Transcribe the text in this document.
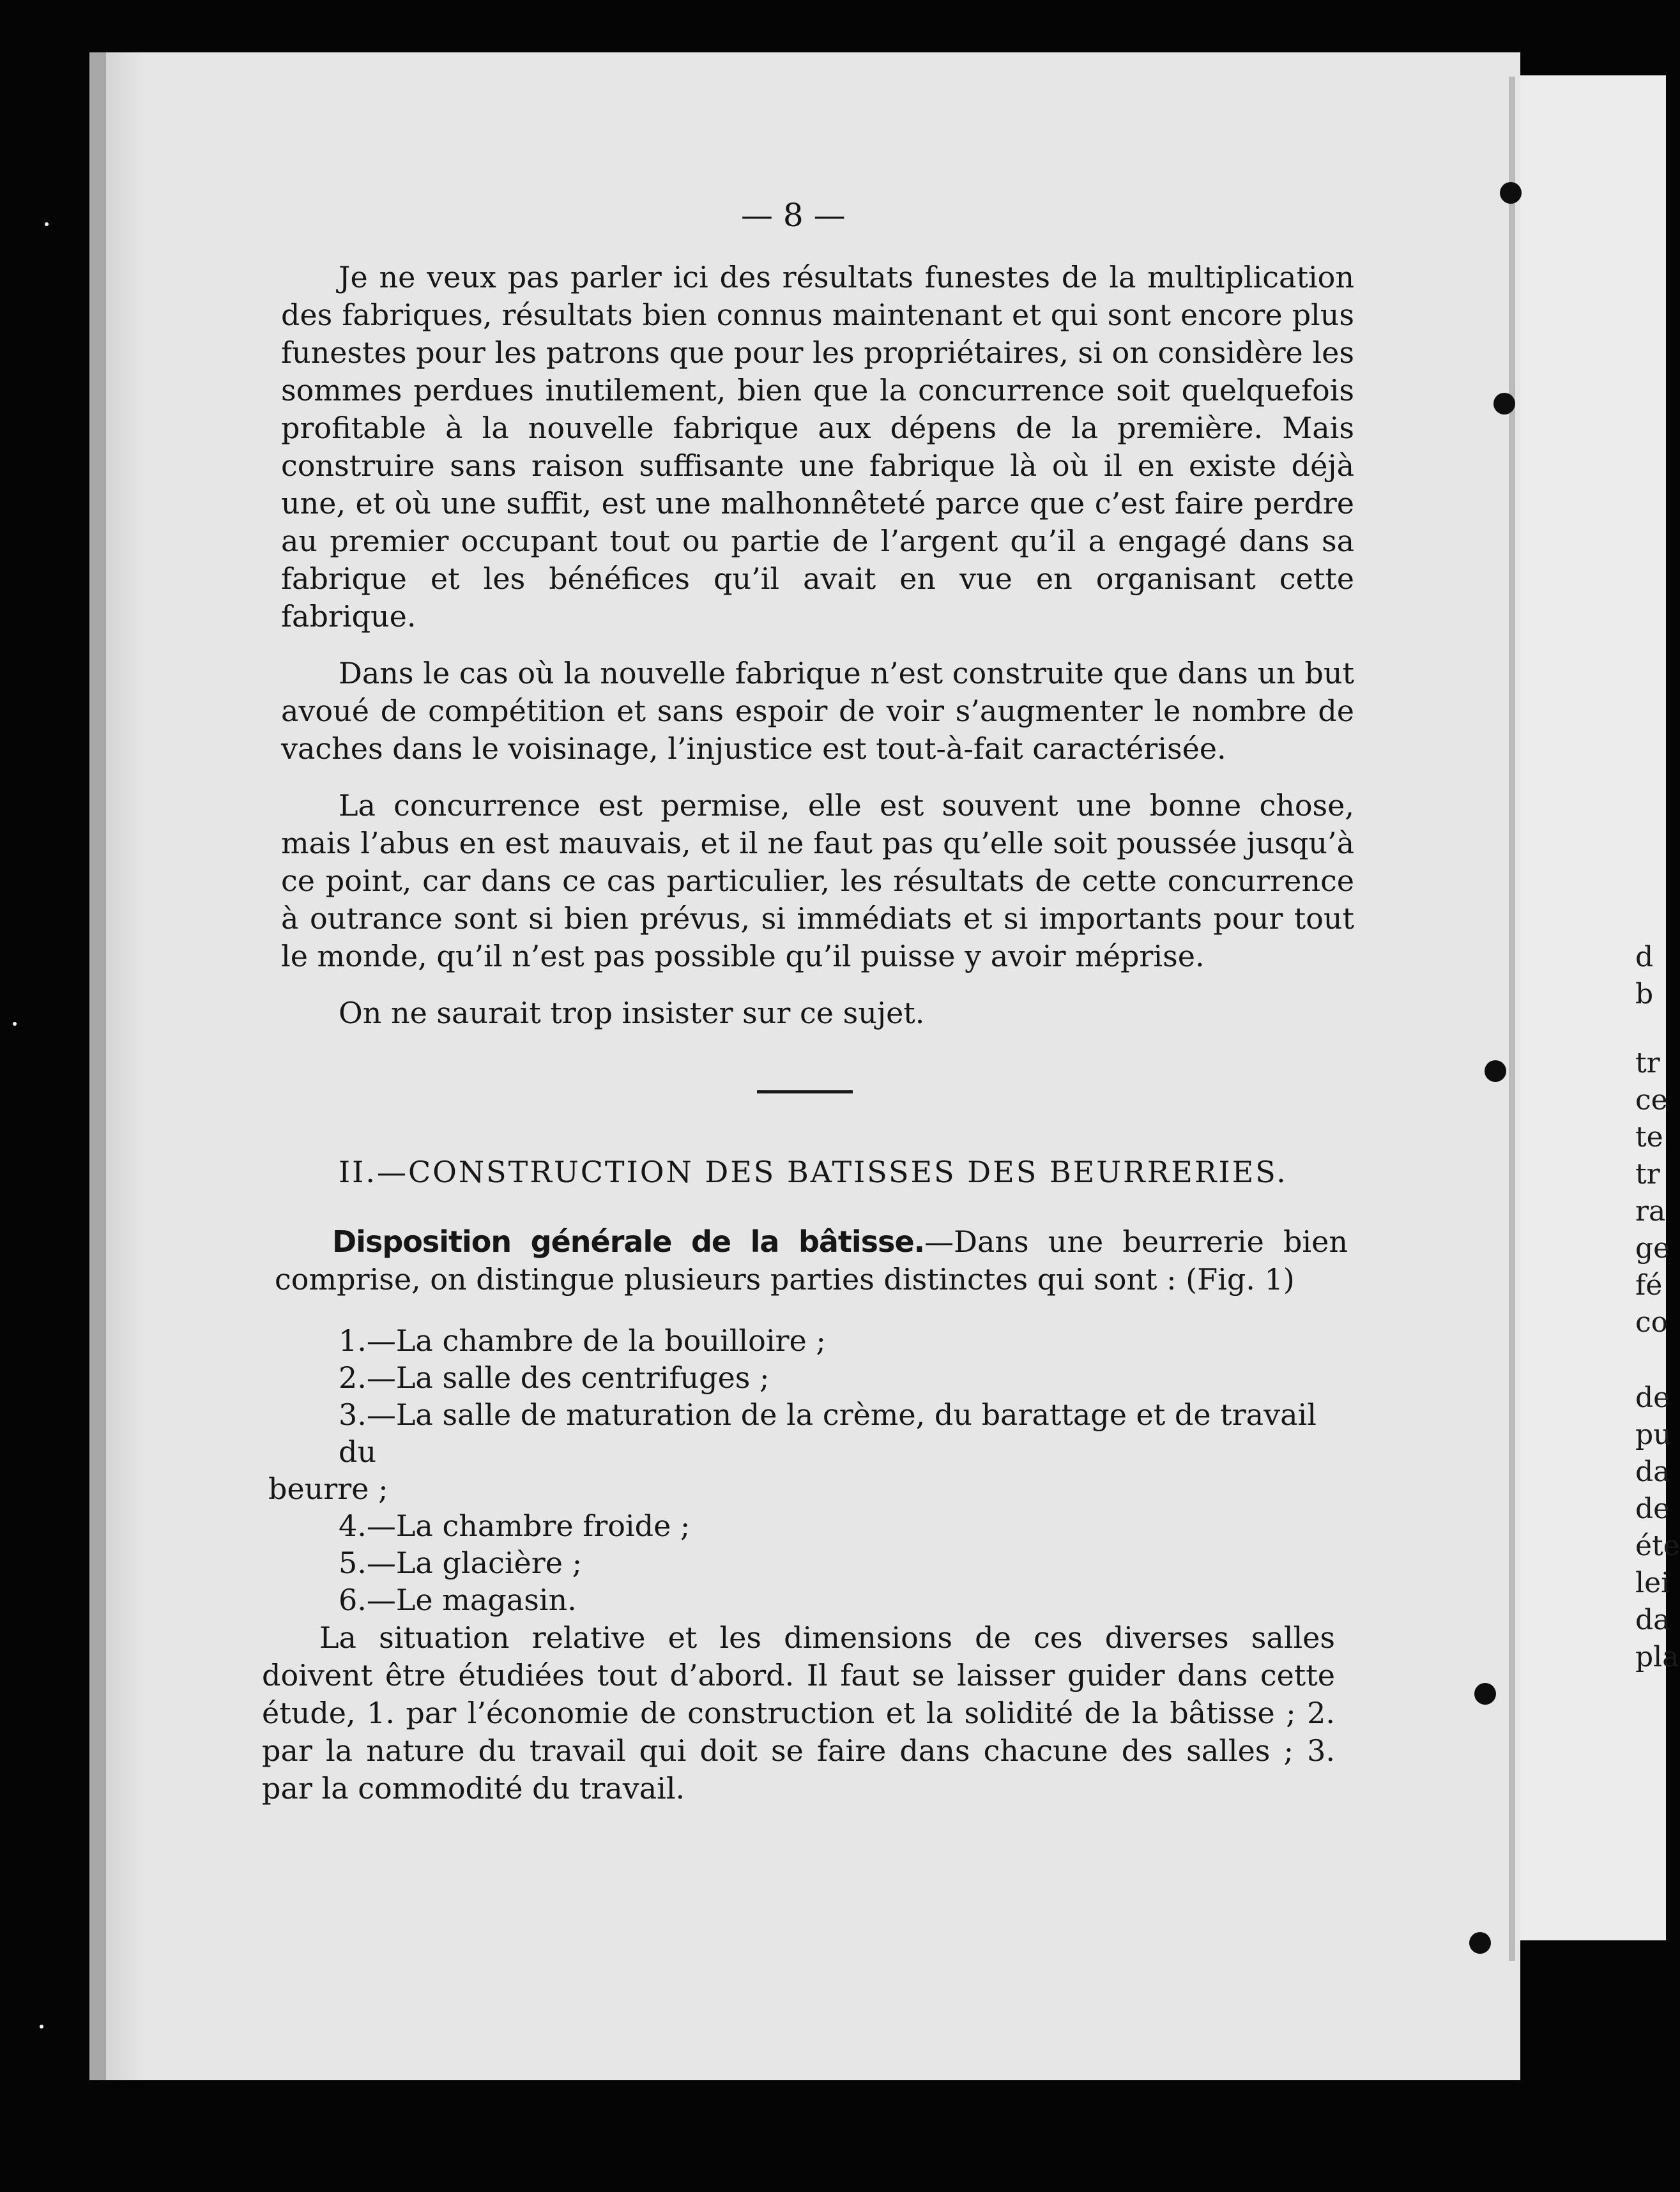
— 8 —

Je ne veux pas parler ici des résultats funestes de la multiplication des fabriques, résultats bien connus maintenant et qui sont encore plus funestes pour les patrons que pour les propriétaires, si on considère les sommes perdues inutilement, bien que la concurrence soit quelquefois profitable à la nouvelle fabrique aux dépens de la première. Mais construire sans raison suffisante une fabrique là où il en existe déjà une, et où une suffit, est une malhonnêteté parce que c’est faire perdre au premier occupant tout ou partie de l’argent qu’il a engagé dans sa fabrique et les bénéfices qu’il avait en vue en organisant cette fabrique.

Dans le cas où la nouvelle fabrique n’est construite que dans un but avoué de compétition et sans espoir de voir s’augmenter le nombre de vaches dans le voisinage, l’injustice est tout-à-fait caractérisée.

La concurrence est permise, elle est souvent une bonne chose, mais l’abus en est mauvais, et il ne faut pas qu’elle soit poussée jusqu’à ce point, car dans ce cas particulier, les résultats de cette concurrence à outrance sont si bien prévus, si immédiats et si importants pour tout le monde, qu’il n’est pas possible qu’il puisse y avoir méprise.

On ne saurait trop insister sur ce sujet.

II.—CONSTRUCTION DES BATISSES DES BEURRERIES.

Disposition générale de la bâtisse.—Dans une beurrerie bien comprise, on distingue plusieurs parties distinctes qui sont : (Fig. 1)

1.—La chambre de la bouilloire ;
2.—La salle des centrifuges ;
3.—La salle de maturation de la crème, du barattage et de travail du
beurre ;
4.—La chambre froide ;
5.—La glacière ;
6.—Le magasin.

La situation relative et les dimensions de ces diverses salles doivent être étudiées tout d’abord. Il faut se laisser guider dans cette étude, 1. par l’économie de construction et la solidité de la bâtisse ; 2. par la nature du travail qui doit se faire dans chacune des salles ; 3. par la commodité du travail.

d
b
tr
ce
te
tr
ra
ge
fé
co
de
pu
da
de
éte
lei
da
pla
